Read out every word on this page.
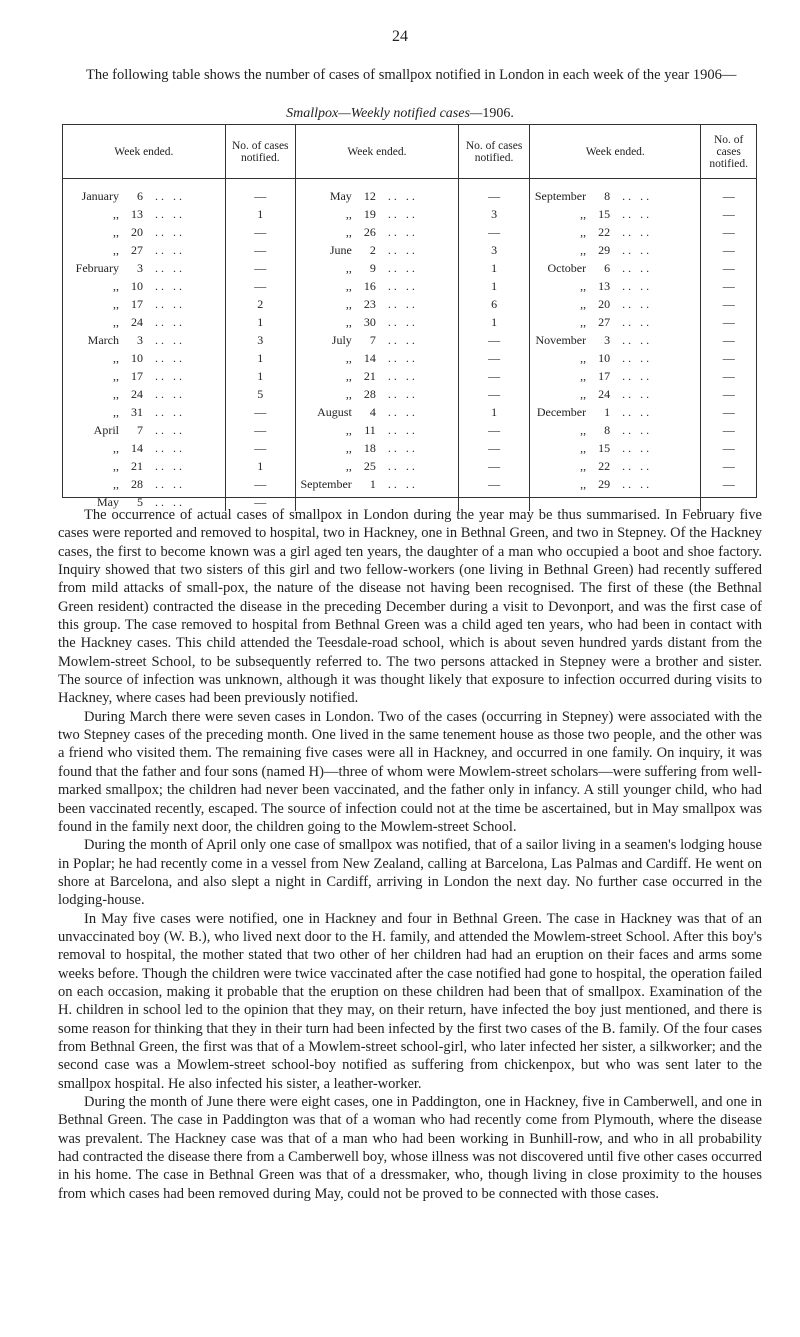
24
The following table shows the number of cases of smallpox notified in London in each week of the year 1906—
Smallpox—Weekly notified cases—1906.
Week ended.	No. of cases notified.	Week ended.	No. of cases notified.	Week ended.	No. of cases notified.

January 6 .. ..	—	May 12 .. ..	—	September 8 .. ..	—

,, 13 .. ..	1	,, 19 .. ..	3	,, 15 .. ..	—

,, 20 .. ..	—	,, 26 .. ..	—	,, 22 .. ..	—

,, 27 .. ..	—	June 2 .. ..	3	,, 29 .. ..	—

February 3 .. ..	—	,, 9 .. ..	1	October 6 .. ..	—

,, 10 .. ..	—	,, 16 .. ..	1	,, 13 .. ..	—

,, 17 .. ..	2	,, 23 .. ..	6	,, 20 .. ..	—

,, 24 .. ..	1	,, 30 .. ..	1	,, 27 .. ..	—

March 3 .. ..	3	July 7 .. ..	—	November 3 .. ..	—

,, 10 .. ..	1	,, 14 .. ..	—	,, 10 .. ..	—

,, 17 .. ..	1	,, 21 .. ..	—	,, 17 .. ..	—

,, 24 .. ..	5	,, 28 .. ..	—	,, 24 .. ..	—

,, 31 .. ..	—	August 4 .. ..	1	December 1 .. ..	—

April 7 .. ..	—	,, 11 .. ..	—	,, 8 .. ..	—

,, 14 .. ..	—	,, 18 .. ..	—	,, 15 .. ..	—

,, 21 .. ..	1	,, 25 .. ..	—	,, 22 .. ..	—

,, 28 .. ..	—	September 1 .. ..	—	,, 29 .. ..	—

May 5 .. ..	—	

The occurrence of actual cases of smallpox in London during the year may be thus summarised. In February five cases were reported and removed to hospital, two in Hackney, one in Bethnal Green, and two in Stepney. Of the Hackney cases, the first to become known was a girl aged ten years, the daughter of a man who occupied a boot and shoe factory. Inquiry showed that two sisters of this girl and two fellow-workers (one living in Bethnal Green) had recently suffered from mild attacks of small-pox, the nature of the disease not having been recognised. The first of these (the Bethnal Green resident) contracted the disease in the preceding December during a visit to Devonport, and was the first case of this group. The case removed to hospital from Bethnal Green was a child aged ten years, who had been in contact with the Hackney cases. This child attended the Teesdale-road school, which is about seven hundred yards distant from the Mowlem-street School, to be subsequently referred to. The two persons attacked in Stepney were a brother and sister. The source of infection was unknown, although it was thought likely that exposure to infection occurred during visits to Hackney, where cases had been previously notified.

During March there were seven cases in London. Two of the cases (occurring in Stepney) were associated with the two Stepney cases of the preceding month. One lived in the same tenement house as those two people, and the other was a friend who visited them. The remaining five cases were all in Hackney, and occurred in one family. On inquiry, it was found that the father and four sons (named H)—three of whom were Mowlem-street scholars—were suffering from well-marked smallpox; the children had never been vaccinated, and the father only in infancy. A still younger child, who had been vaccinated recently, escaped. The source of infection could not at the time be ascertained, but in May smallpox was found in the family next door, the children going to the Mowlem-street School.

During the month of April only one case of smallpox was notified, that of a sailor living in a seamen's lodging house in Poplar; he had recently come in a vessel from New Zealand, calling at Barcelona, Las Palmas and Cardiff. He went on shore at Barcelona, and also slept a night in Cardiff, arriving in London the next day. No further case occurred in the lodging-house.

In May five cases were notified, one in Hackney and four in Bethnal Green. The case in Hackney was that of an unvaccinated boy (W. B.), who lived next door to the H. family, and attended the Mowlem-street School. After this boy's removal to hospital, the mother stated that two other of her children had had an eruption on their faces and arms some weeks before. Though the children were twice vaccinated after the case notified had gone to hospital, the operation failed on each occasion, making it probable that the eruption on these children had been that of smallpox. Examination of the H. children in school led to the opinion that they may, on their return, have infected the boy just mentioned, and there is some reason for thinking that they in their turn had been infected by the first two cases of the B. family. Of the four cases from Bethnal Green, the first was that of a Mowlem-street school-girl, who later infected her sister, a silkworker; and the second case was a Mowlem-street school-boy notified as suffering from chickenpox, but who was sent later to the smallpox hospital. He also infected his sister, a leather-worker.

During the month of June there were eight cases, one in Paddington, one in Hackney, five in Camberwell, and one in Bethnal Green. The case in Paddington was that of a woman who had recently come from Plymouth, where the disease was prevalent. The Hackney case was that of a man who had been working in Bunhill-row, and who in all probability had contracted the disease there from a Camberwell boy, whose illness was not discovered until five other cases occurred in his home. The case in Bethnal Green was that of a dressmaker, who, though living in close proximity to the houses from which cases had been removed during May, could not be proved to be connected with those cases.
